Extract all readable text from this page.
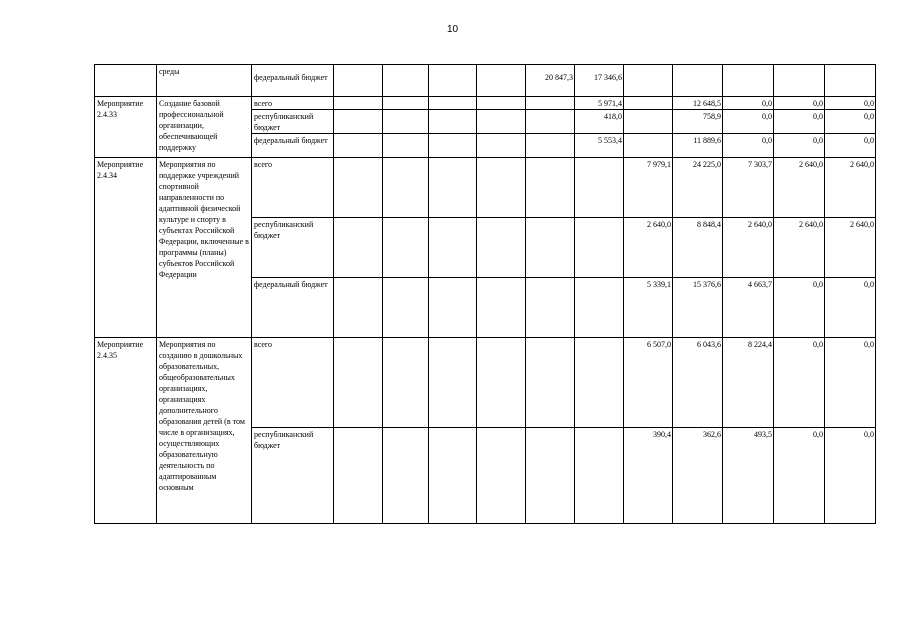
10
	среды	федеральный бюджет					20 847,3	17 346,6					
Мероприятие 2.4.33	Создание базовой профессиональной организации, обеспечивающей поддержку	всего						5 971,4		12 648,5	0,0	0,0	0,0
		республиканский бюджет						418,0		758,9	0,0	0,0	0,0
		федеральный бюджет						5 553,4		11 889,6	0,0	0,0	0,0
Мероприятие 2.4.34	Мероприятия по поддержке учреждений спортивной направленности по адаптивной физической культуре и спорту в субъектах Российской Федерации, включенные в программы (планы) субъектов Российской Федерации	всего							7 979,1	24 225,0	7 303,7	2 640,0	2 640,0
		республиканский бюджет							2 640,0	8 848,4	2 640,0	2 640,0	2 640,0
		федеральный бюджет							5 339,1	15 376,6	4 663,7	0,0	0,0
Мероприятие 2.4.35	Мероприятия по созданию в дошкольных образовательных, общеобразовательных организациях, организациях дополнительного образования детей (в том числе в организациях, осуществляющих образовательную деятельность по адаптированным основным	всего							6 507,0	6 043,6	8 224,4	0,0	0,0
		республиканский бюджет							390,4	362,6	493,5	0,0	0,0
